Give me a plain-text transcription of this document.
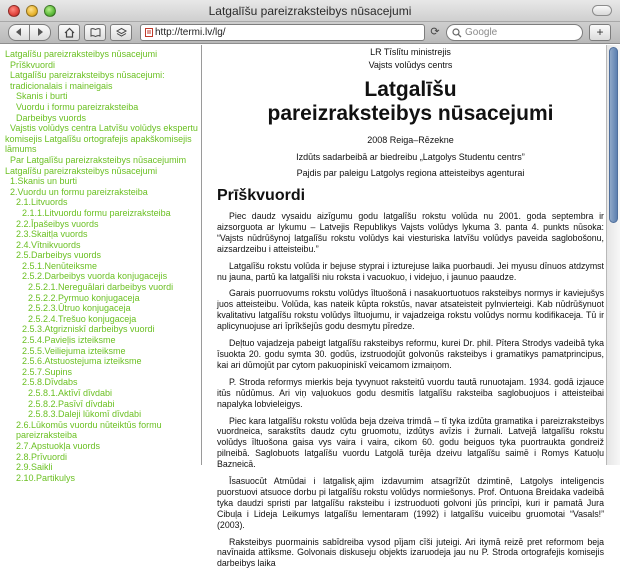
Latgalīšu pareizraksteibys nūsacejumi
http://termi.lv/lg/	⟳	Google	+
Latgalīšu pareizraksteibys nūsacejumi
Prīškvuordi
Latgalīšu pareizraksteibys nūsacejumi:
tradicionalais i maineigais
Skanis i burti
Vuordu i formu pareizraksteiba
Darbeibys vuords
Vajstis volūdys centra Latvīšu volūdys ekspertu
komisejis Latgalīšu ortografejis apakškomisejis
lāmums
Par Latgalīšu pareizraksteibys nūsacejumim
Latgalīšu pareizraksteibys nūsacejumi
1.Skanis un burti
2.Vuordu un formu pareizraksteiba
2.1.Litvuords
2.1.1.Litvuordu formu pareizraksteiba
2.2.Īpašeibys vuords
2.3.Skaitļa vuords
2.4.Vītnikvuords
2.5.Darbeibys vuords
2.5.1.Nenūteiksme
2.5.2.Darbeibys vuorda konjugacejis
2.5.2.1.Nereguālari darbeibys vuordi
2.5.2.2.Pyrmuo konjugaceja
2.5.2.3.Ūtruo konjugaceja
2.5.2.4.Trešuo konjugaceja
2.5.3.Atgrizniskī darbeibys vuordi
2.5.4.Pavieļis izteiksme
2.5.5.Veiliejuma izteiksme
2.5.6.Atstuostejuma izteiksme
2.5.7.Supins
2.5.8.Dīvdabs
2.5.8.1.Aktīvī dīvdabi
2.5.8.2.Pasīvī dīvdabi
2.5.8.3.Daleji lūkomī dīvdabi
2.6.Lūkomūs vuordu nūteiktūs formu
pareizraksteiba
2.7.Apstuokļa vuords
2.8.Prīvuordi
2.9.Saikli
2.10.Partikulys
LR Tīslītu ministrejis
Vajsts volūdys centrs
Latgalīšu
pareizraksteibys nūsacejumi
2008 Reiga–Rēzekne
Izdūts sadarbeibā ar biedreibu „Latgolys Studentu centrs”
Pajdis par paleigu Latgolys regiona atteisteibys agenturai
Prīškvuordi

Piec daudz vysaidu aizīgumu godu latgalīšu rokstu volūda nu 2001. goda septembra ir aizsorguota ar lykumu – Latvejis Republikys Vajsts volūdys lykuma 3. panta 4. punkts nūsoka: “Vajsts nūdrūšynoj latgalīšu rokstu volūdys kai viesturiska latvīšu volūdys paveida saglobošonu, aizsardzeibu i atteisteibu.”

Latgalīšu rokstu volūda ir bejuse styprai i izturejuse laika puorbaudi. Jei myusu dīnuos atdzymst nu jauna, partū ka latgalīši niu roksta i vacuokuo, i videjuo, i jaunuo paaudze.

Garais puorruovums rokstu volūdys īltuošonā i nasakuortuotuos raksteibys normys ir kaviejušys juos atteisteibu. Volūda, kas nateik kūpta rokstūs, navar atsateisteit pylnvierteigi. Kab nūdrūšynuot kvalitativu latgalīšu rokstu volūdys īltuojumu, ir vajadzeiga rokstu volūdys normu kodifikaceja. Tū ir aplicynuojuse ari īprīkšejūs godu desmytu pīredze.

Deļtuo vajadzeja pabeigt latgalīšu raksteibys reformu, kurei Dr. phil. Pītera Strodys vadeibā tyka īsuokta 20. godu symta 30. godūs, izstruodojūt golvonūs raksteibys i gramatikys pamatprincipus, kai ari dūmojūt par cytom pakuopiniskī veicamom izmaiņom.

P. Stroda reformys mierkis beja tyvynuot raksteitū vuordu tautā runuotajam. 1934. godā izjauce itūs nūdūmus. Ari viņ vaļuokuos godu desmitīs latgalīšu raksteiba saglobuojuos i atteisteibai napalyka lobvieleigys.

Piec kara latgalīšu rokstu volūda beja dzeiva trimdā – tī tyka izdūta gramatika i pareizraksteibys vuordneica, sarakstīts daudz cytu gruomotu, izdūtys avīzis i žurnali. Latvejā latgalīšu rokstu volūdys īltuošona gaisa vys vaira i vaira, cikom 60. godu beiguos tyka puortraukta gondreiž pilneibā. Saglobuots latgalīšu vuordu Latgolā turēja dzeivu latgalīšu saimē i Romys Katuoļu Bazneicā.

Īsasuocūt Atmūdai i latgalisk˛ajim izdavumim atsagrīžūt dzimtinē, Latgolys inteligencis puorstuovi atsuoce dorbu pi latgalīšu rokstu volūdys normiešonys. Prof. Ontuona Breidaka vadeibā tyka daudzi spristi par latgalīšu raksteibu i izstruoduoti golvoni jūs princīpi, kuri ir pamatā Jura Cibuļa i Lideja Leikumys latgalīšu lementaram (1992) i latgalīšu vuiceibu gruomotai “Vasals!” (2003).

Raksteibys puormainis sabīdreiba vysod pījam cīši juteigi. Ari itymā reizē pret reformom beja navīnaida attīksme. Golvonais diskuseju objekts izaruodeja jau nu P. Stroda ortografejis komisejis darbeibys laika
